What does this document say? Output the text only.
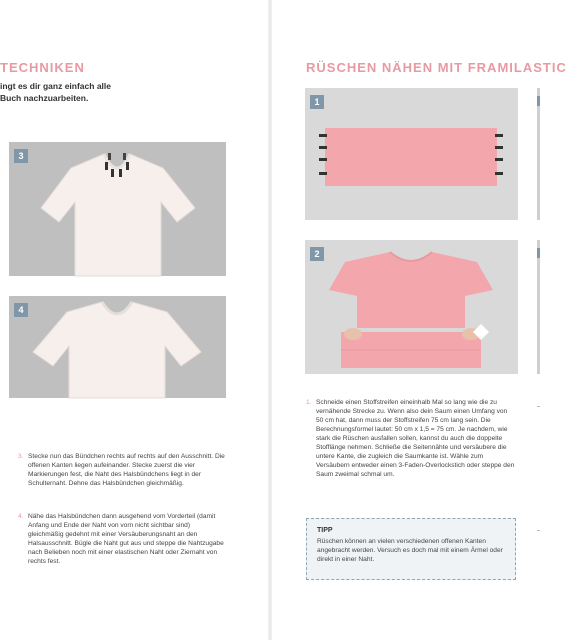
TECHNIKEN
ingt es dir ganz einfach alle
Buch nachzuarbeiten.
3
4
3. Stecke nun das Bündchen rechts auf rechts auf den Ausschnitt. Die offenen Kanten liegen aufeinander. Stecke zuerst die vier Markierungen fest, die Naht des Halsbündchens liegt in der Schulternaht. Dehne das Halsbündchen gleichmäßig.
4. Nähe das Halsbündchen dann ausgehend vom Vorderteil (damit Anfang und Ende der Naht von vorn nicht sichtbar sind) gleichmäßig gedehnt mit einer Versäuberungsnaht an den Halsausschnitt. Bügle die Naht gut aus und steppe die Nahtzugabe nach Belieben noch mit einer elastischen Naht oder Ziernaht von rechts fest.
RÜSCHEN NÄHEN MIT FRAMILASTIC
1
2
1. Schneide einen Stoffstreifen eineinhalb Mal so lang wie die zu vernähende Strecke zu. Wenn also dein Saum einen Umfang von 50 cm hat, dann muss der Stoffstreifen 75 cm lang sein. Die Berechnungsformel lautet: 50 cm x 1,5 = 75 cm. Je nachdem, wie stark die Rüschen ausfallen sollen, kannst du auch die doppelte Stofflänge nehmen. Schließe die Seitennähte und versäubere die untere Kante, die zugleich die Saumkante ist. Wähle zum Versäubern entweder einen 3-Faden-Overlockstich oder steppe den Saum zweimal schmal um.
TIPP
Rüschen können an vielen verschiedenen offenen Kanten angebracht werden. Versuch es doch mal mit einem Ärmel oder direkt in einer Naht.
